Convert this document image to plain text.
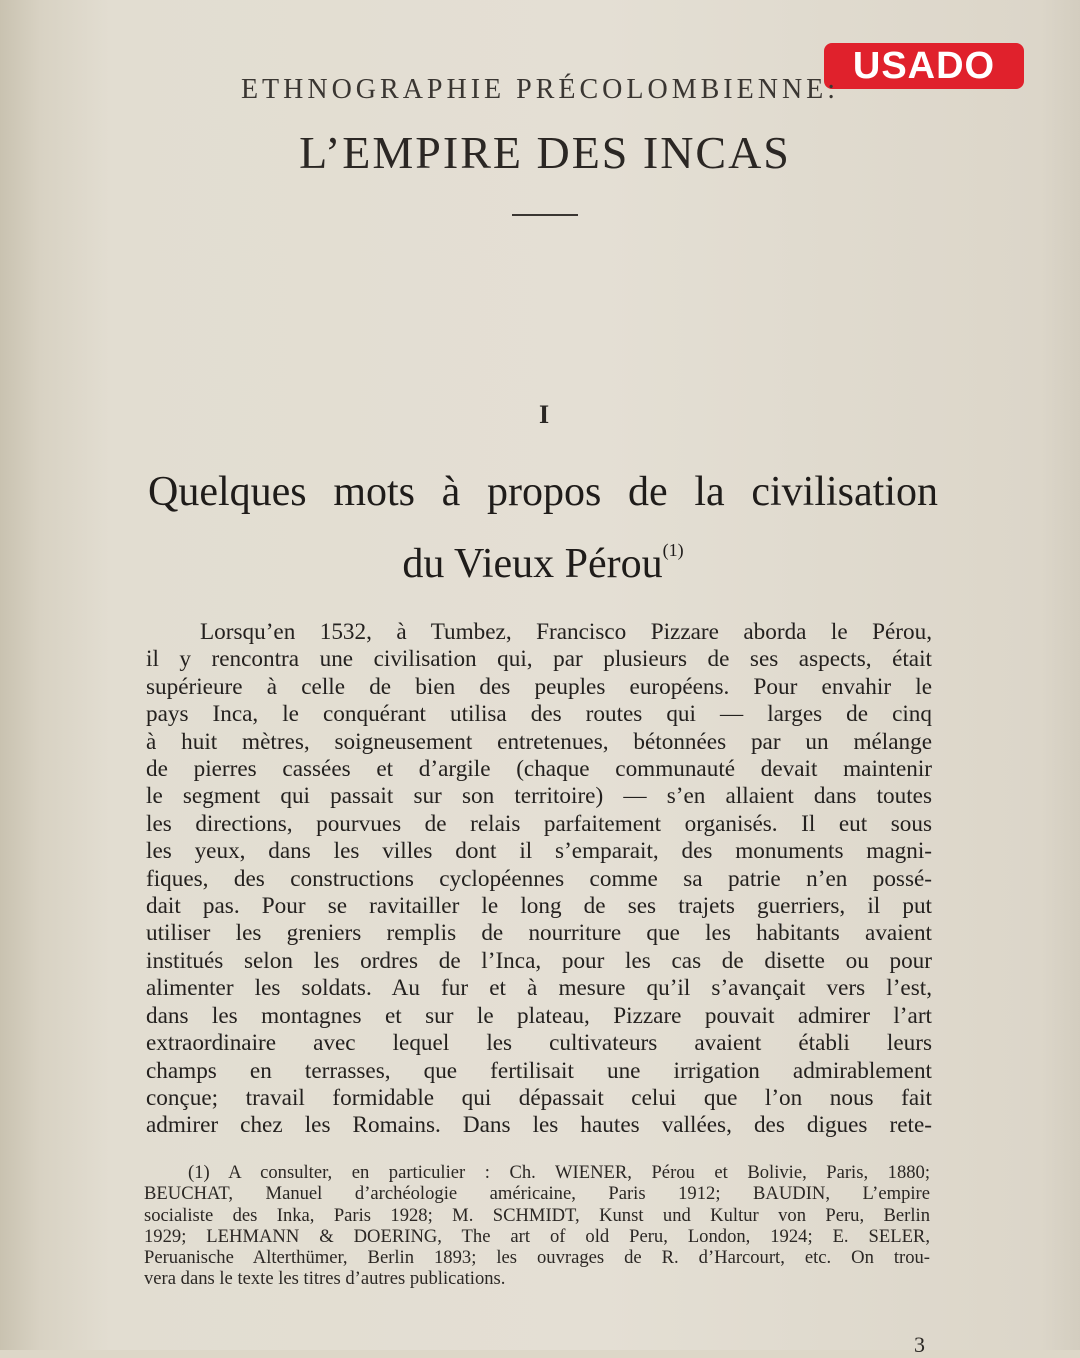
USADO
ETHNOGRAPHIE PRÉCOLOMBIENNE:
L’EMPIRE DES INCAS
I
Quelques mots à propos de la civilisation
du Vieux Pérou$^{(1)}$
Lorsqu’en 1532, à Tumbez, Francisco Pizzare aborda le Pérou,
il y rencontra une civilisation qui, par plusieurs de ses aspects, était
supérieure à celle de bien des peuples européens. Pour envahir le
pays Inca, le conquérant utilisa des routes qui — larges de cinq
à huit mètres, soigneusement entretenues, bétonnées par un mélange
de pierres cassées et d’argile (chaque communauté devait maintenir
le segment qui passait sur son territoire) — s’en allaient dans toutes
les directions, pourvues de relais parfaitement organisés. Il eut sous
les yeux, dans les villes dont il s’emparait, des monuments magni-
fiques, des constructions cyclopéennes comme sa patrie n’en possé-
dait pas. Pour se ravitailler le long de ses trajets guerriers, il put
utiliser les greniers remplis de nourriture que les habitants avaient
institués selon les ordres de l’Inca, pour les cas de disette ou pour
alimenter les soldats. Au fur et à mesure qu’il s’avançait vers l’est,
dans les montagnes et sur le plateau, Pizzare pouvait admirer l’art
extraordinaire avec lequel les cultivateurs avaient établi leurs
champs en terrasses, que fertilisait une irrigation admirablement
conçue; travail formidable qui dépassait celui que l’on nous fait
admirer chez les Romains. Dans les hautes vallées, des digues rete-
(1) A consulter, en particulier : Ch. WIENER, Pérou et Bolivie, Paris, 1880;
BEUCHAT, Manuel d’archéologie américaine, Paris 1912; BAUDIN, L’empire
socialiste des Inka, Paris 1928; M. SCHMIDT, Kunst und Kultur von Peru, Berlin
1929; LEHMANN & DOERING, The art of old Peru, London, 1924; E. SELER,
Peruanische Alterthümer, Berlin 1893; les ouvrages de R. d’Harcourt, etc. On trou-
vera dans le texte les titres d’autres publications.
3
